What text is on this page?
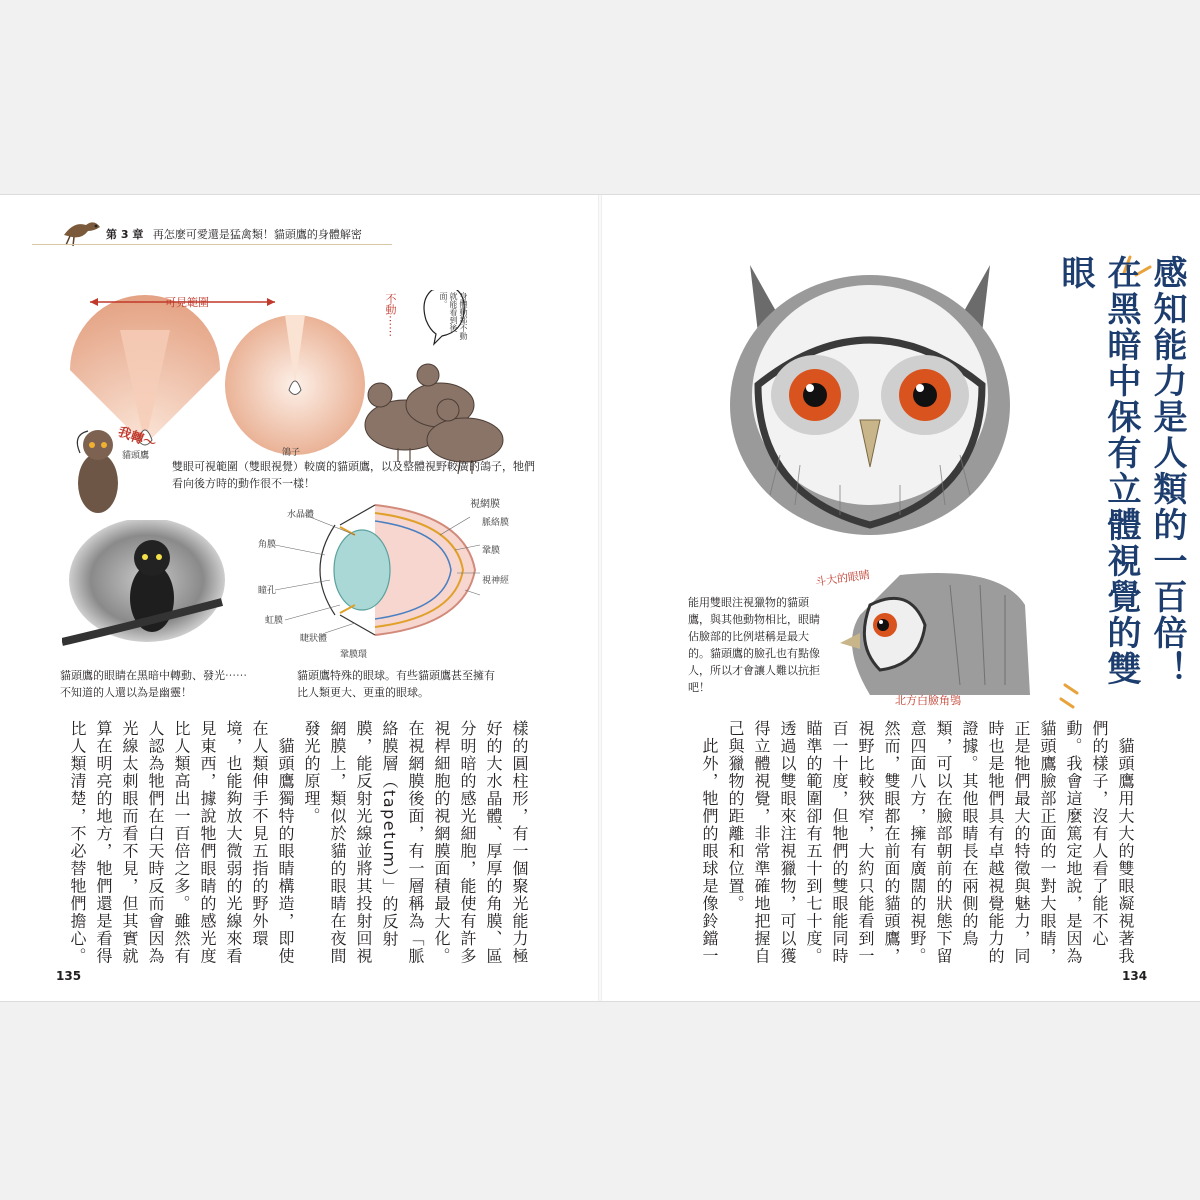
第 3 章 再怎麼可愛還是猛禽類！貓頭鷹的身體解密
可見範圍
貓頭鷹	鴿子
不動⋯⋯	身體動都不動就能看到後面。
我轉～
雙眼可視範圍（雙眼視覺）較廣的貓頭鷹，以及整體視野較廣的鴿子，牠們看向後方時的動作很不一樣！
貓頭鷹的眼睛在黑暗中轉動、發光⋯⋯不知道的人還以為是幽靈！
水晶體
角膜
瞳孔
虹膜
睫狀體
視網膜
脈絡膜
鞏膜
視神經
鞏膜環
貓頭鷹特殊的眼球。有些貓頭鷹甚至擁有比人類更大、更重的眼球。
樣的圓柱形，有一個聚光能力極
好的大水晶體、厚厚的角膜、區
分明暗的感光細胞，能使有許多
視桿細胞的視網膜面積最大化。
在視網膜後面，有一層稱為「脈
絡膜層（tapetum）」的反射
膜，能反射光線並將其投射回視
網膜上，類似於貓的眼睛在夜間
發光的原理。
　貓頭鷹獨特的眼睛構造，即使
在人類伸手不見五指的野外環
境，也能夠放大微弱的光線來看
見東西，據說牠們眼睛的感光度
比人類高出一百倍之多。雖然有
人認為牠們在白天時反而會因為
光線太刺眼而看不見，但其實就
算在明亮的地方，牠們還是看得
比人類清楚，不必替牠們擔心。
135
斗大的眼睛
北方白臉角鴞
能用雙眼注視獵物的貓頭鷹，與其他動物相比，眼睛佔臉部的比例堪稱是最大的。貓頭鷹的臉孔也有點像人，所以才會讓人難以抗拒吧！
感知能力是人類的一百倍！
在黑暗中保有立體視覺的雙眼
　貓頭鷹用大大的雙眼凝視著我
們的樣子，沒有人看了能不心
動。我會這麼篤定地說，是因為
貓頭鷹臉部正面的一對大眼睛，
正是牠們最大的特徵與魅力，同
時也是牠們具有卓越視覺能力的
證據。其他眼睛長在兩側的鳥
類，可以在臉部朝前的狀態下留
意四面八方，擁有廣闊的視野。
然而，雙眼都在前面的貓頭鷹，
視野比較狹窄，大約只能看到一
百一十度，但牠們的雙眼能同時
瞄準的範圍卻有五十到七十度。
透過以雙眼來注視獵物，可以獲
得立體視覺，非常準確地把握自
己與獵物的距離和位置。
　此外，牠們的眼球是像鈴鐺一
134
